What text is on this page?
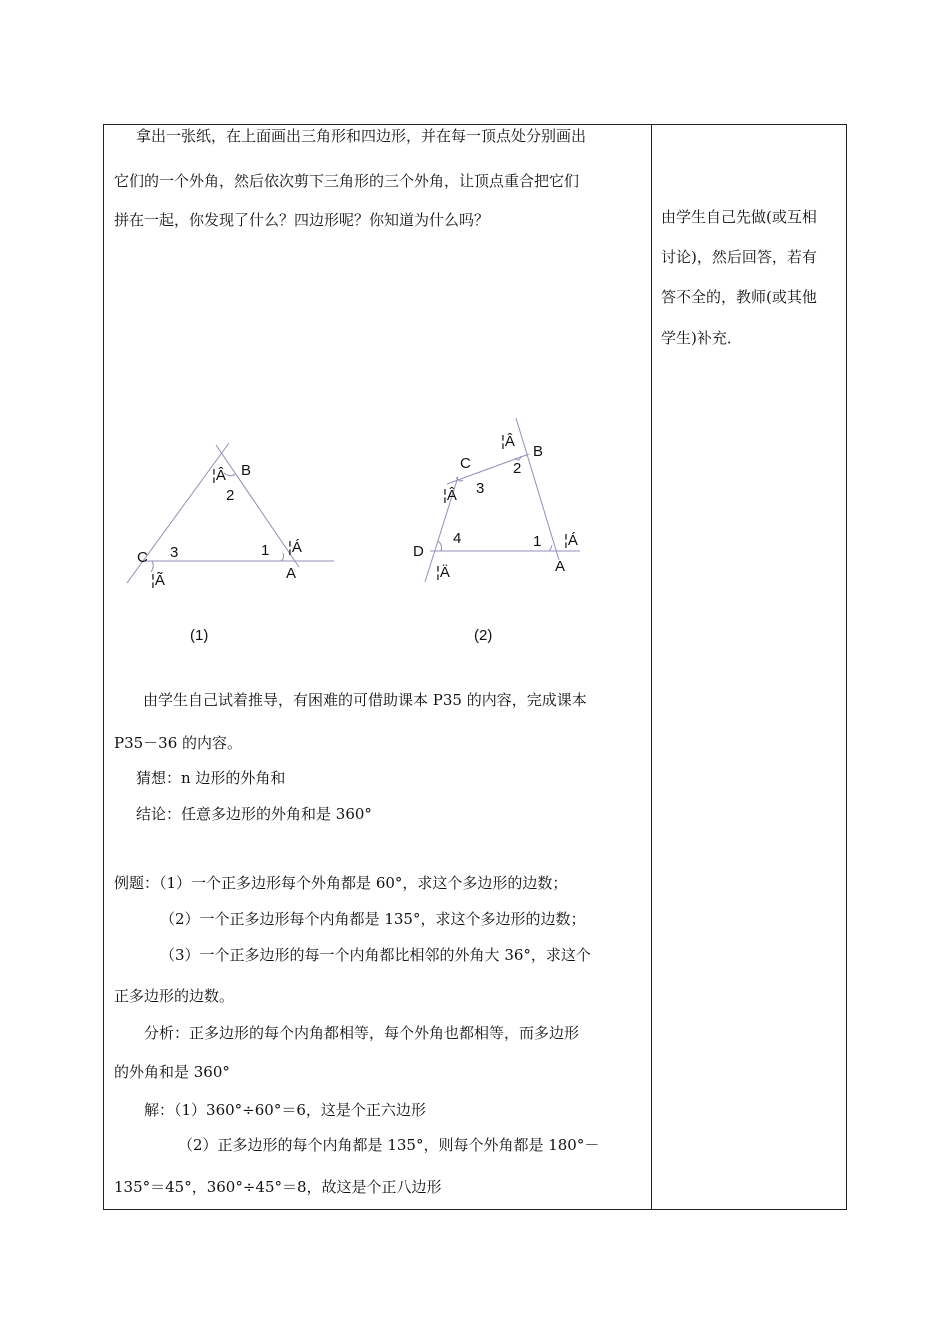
拿出一张纸，在上面画出三角形和四边形，并在每一顶点处分别画出
它们的一个外角，然后依次剪下三角形的三个外角，让顶点重合把它们
拼在一起，你发现了什么？四边形呢？你知道为什么吗？
B
2
¦Â
C 3
¦Ã
1 ¦Á
A
(1)
¦Â
B
2
C
3
¦Â
D
4
¦Ä
1 ¦Á
A
(2)
由学生自己试着推导，有困难的可借助课本 P35 的内容，完成课本
P35－36 的内容。
猜想：n 边形的外角和
结论：任意多边形的外角和是 360°
例题：（1）一个正多边形每个外角都是 60°，求这个多边形的边数；
（2）一个正多边形每个内角都是 135°，求这个多边形的边数；
（3）一个正多边形的每一个内角都比相邻的外角大 36°，求这个
正多边形的边数。
分析：正多边形的每个内角都相等，每个外角也都相等，而多边形
的外角和是 360°
解：（1）360°÷60°＝6，这是个正六边形
（2）正多边形的每个内角都是 135°，则每个外角都是 180°－
135°＝45°，360°÷45°＝8，故这是个正八边形
由学生自己先做(或互相
讨论)，然后回答，若有
答不全的，教师(或其他
学生)补充．
